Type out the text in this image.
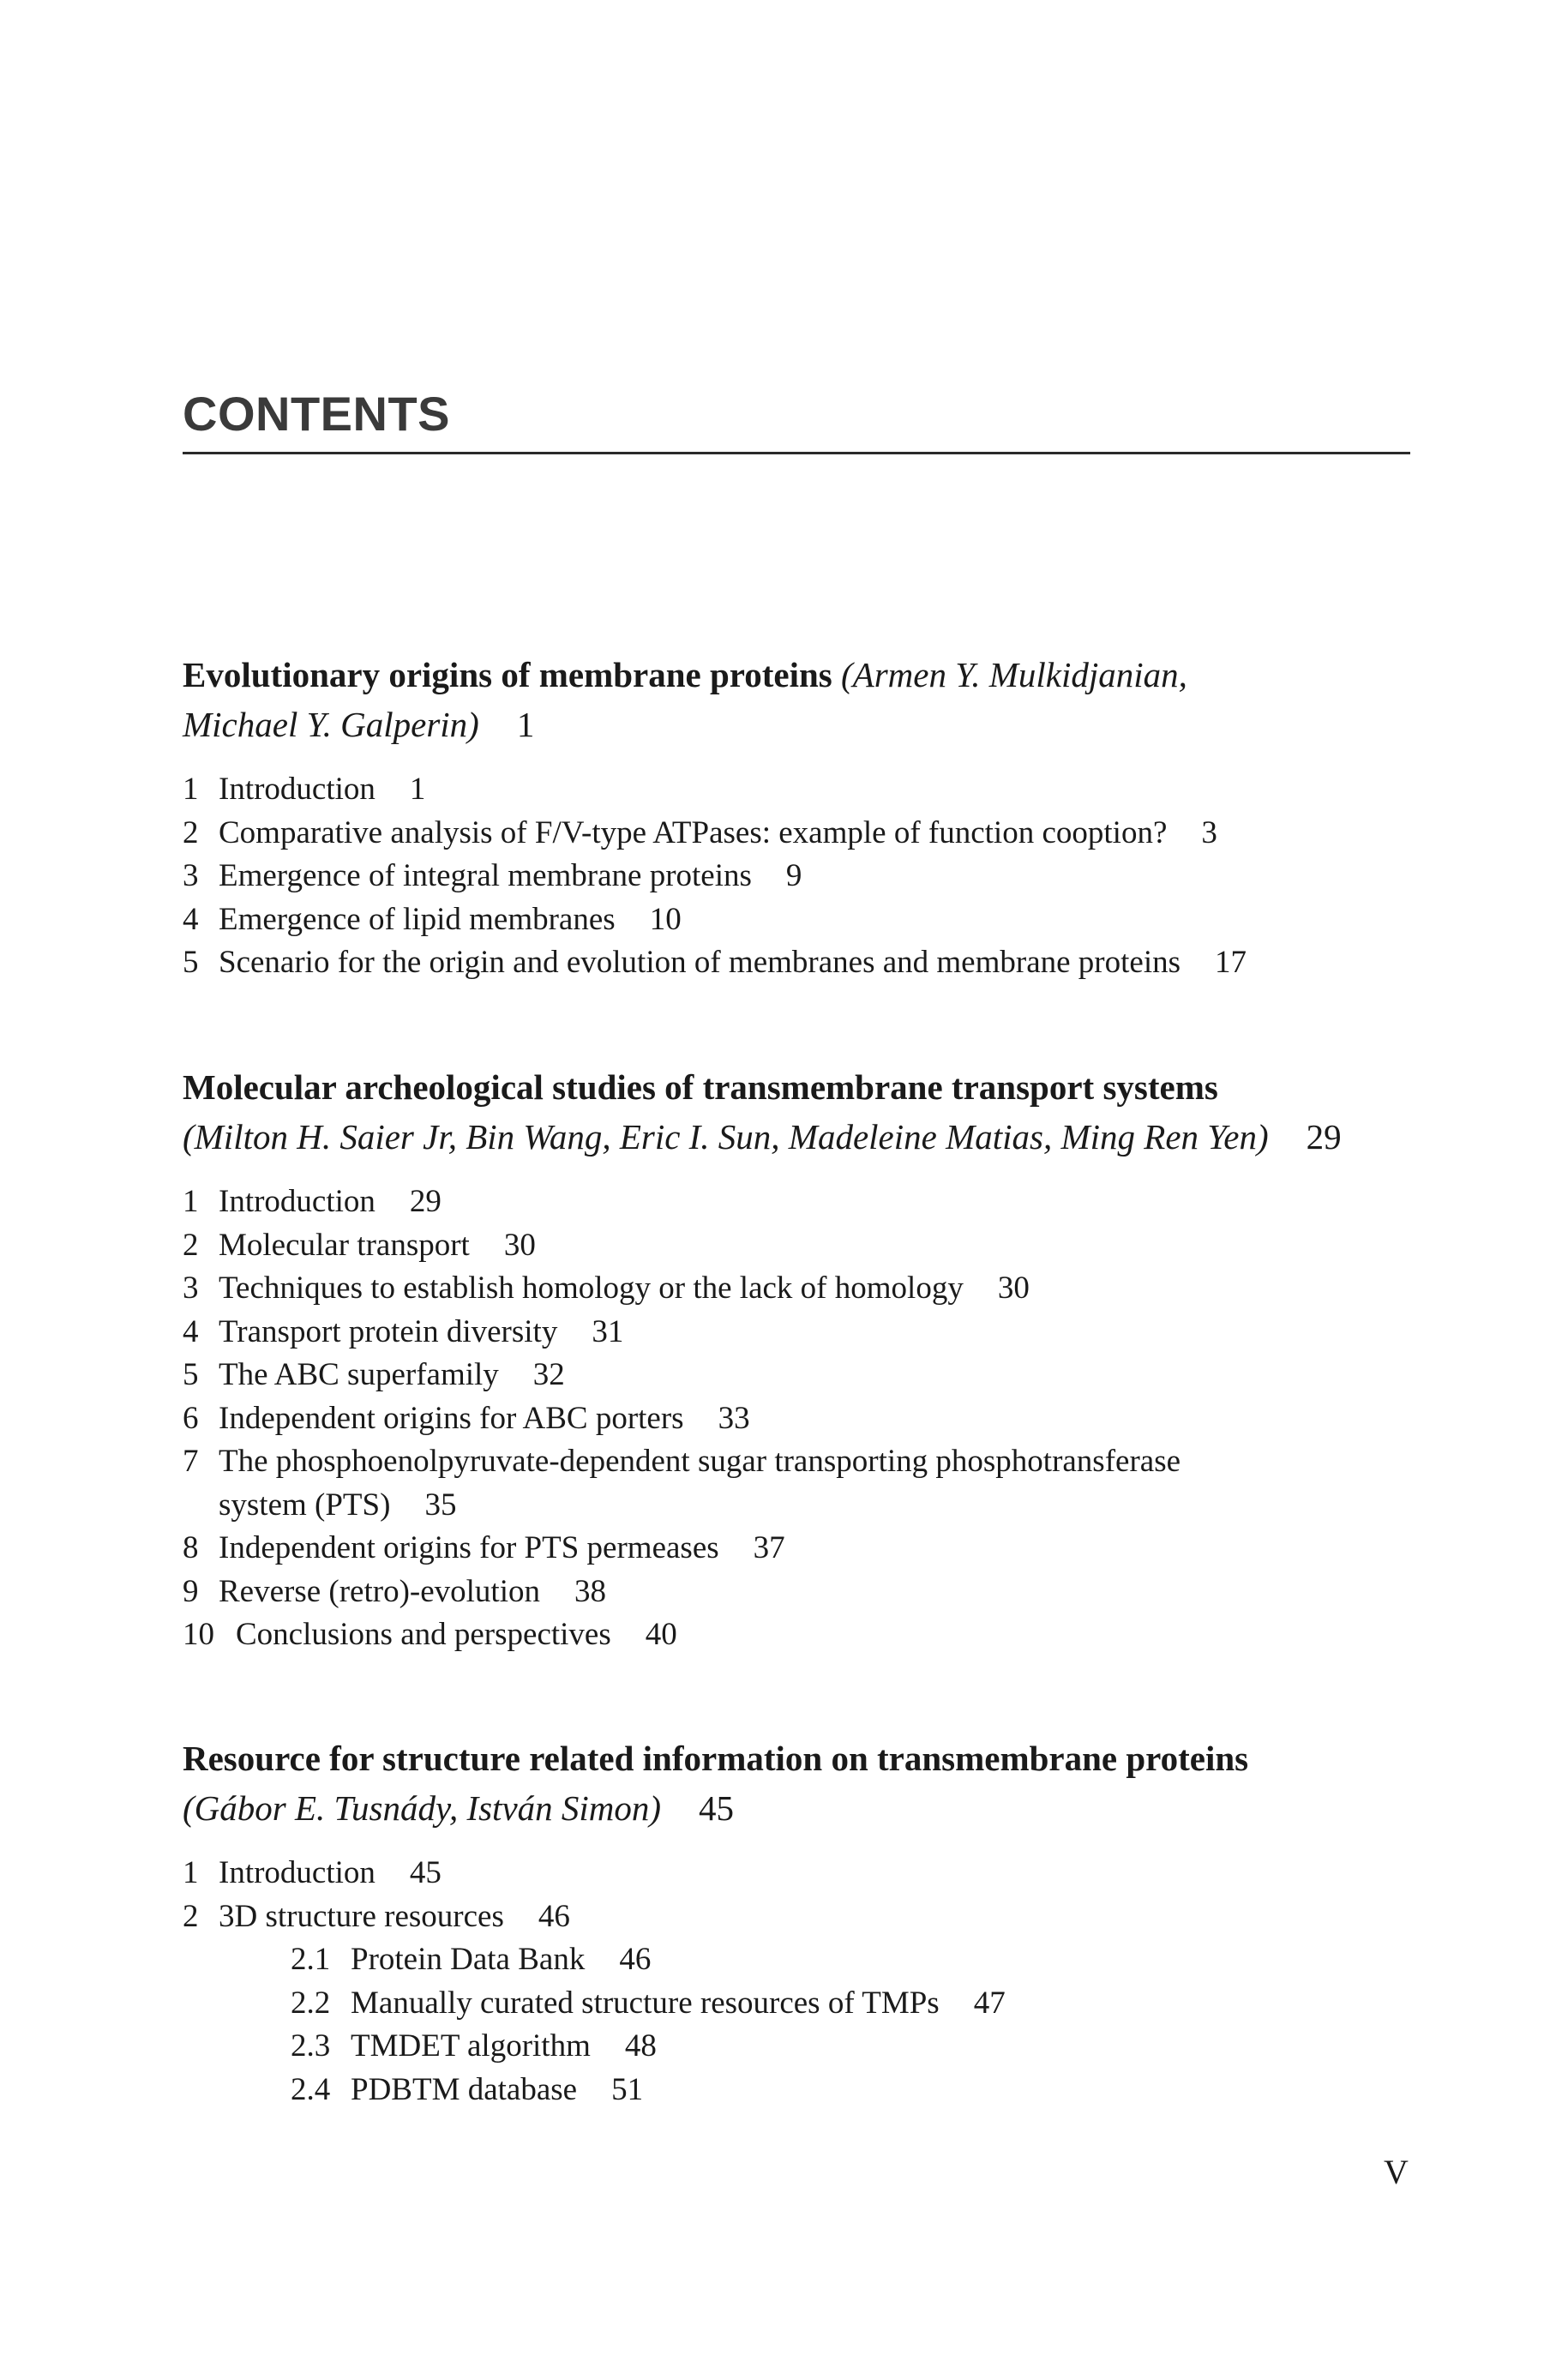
CONTENTS

Evolutionary origins of membrane proteins (Armen Y. Mulkidjanian,
Michael Y. Galperin) 1

1 Introduction 1
2 Comparative analysis of F/V-type ATPases: example of function cooption? 3
3 Emergence of integral membrane proteins 9
4 Emergence of lipid membranes 10
5 Scenario for the origin and evolution of membranes and membrane proteins 17

Molecular archeological studies of transmembrane transport systems
(Milton H. Saier Jr, Bin Wang, Eric I. Sun, Madeleine Matias, Ming Ren Yen) 29

1 Introduction 29
2 Molecular transport 30
3 Techniques to establish homology or the lack of homology 30
4 Transport protein diversity 31
5 The ABC superfamily 32
6 Independent origins for ABC porters 33
7 The phosphoenolpyruvate-dependent sugar transporting phosphotransferase
system (PTS) 35
8 Independent origins for PTS permeases 37
9 Reverse (retro)-evolution 38
10 Conclusions and perspectives 40

Resource for structure related information on transmembrane proteins
(Gábor E. Tusnády, István Simon) 45

1 Introduction 45
2 3D structure resources 46
2.1 Protein Data Bank 46
2.2 Manually curated structure resources of TMPs 47
2.3 TMDET algorithm 48
2.4 PDBTM database 51
V
